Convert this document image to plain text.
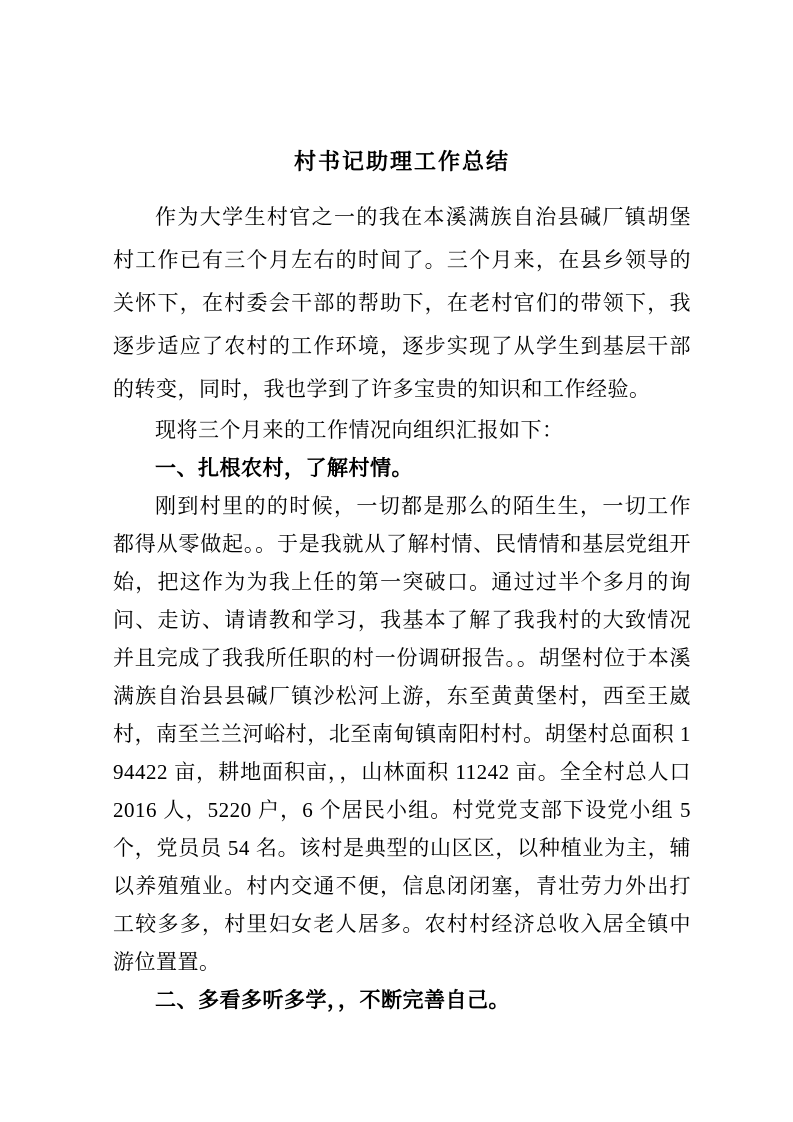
村书记助理工作总结

作为大学生村官之一的我在本溪满族自治县碱厂镇胡堡村工作已有三个月左右的时间了。三个月来，在县乡领导的关怀下，在村委会干部的帮助下，在老村官们的带领下，我逐步适应了农村的工作环境，逐步实现了从学生到基层干部的转变，同时，我也学到了许多宝贵的知识和工作经验。

现将三个月来的工作情况向组织汇报如下：

一、扎根农村，了解村情。

刚到村里的的时候，一切都是那么的陌生生，一切工作都得从零做起。。于是我就从了解村情、民情情和基层党组开始，把这作为为我上任的第一突破口。通过过半个多月的询问、走访、请请教和学习，我基本了解了我我村的大致情况并且完成了我我所任职的村一份调研报告。。胡堡村位于本溪满族自治县县碱厂镇沙松河上游，东至黄黄堡村，西至王崴村，南至兰兰河峪村，北至南甸镇南阳村村。胡堡村总面积 194422 亩，耕地面积亩，，山林面积 11242 亩。全全村总人口 2016 人，5220 户，6 个居民小组。村党党支部下设党小组 5 个，党员员 54 名。该村是典型的山区区，以种植业为主，辅以养殖殖业。村内交通不便，信息闭闭塞，青壮劳力外出打工较多多，村里妇女老人居多。农村村经济总收入居全镇中游位置置。

二、多看多听多学，，不断完善自己。
